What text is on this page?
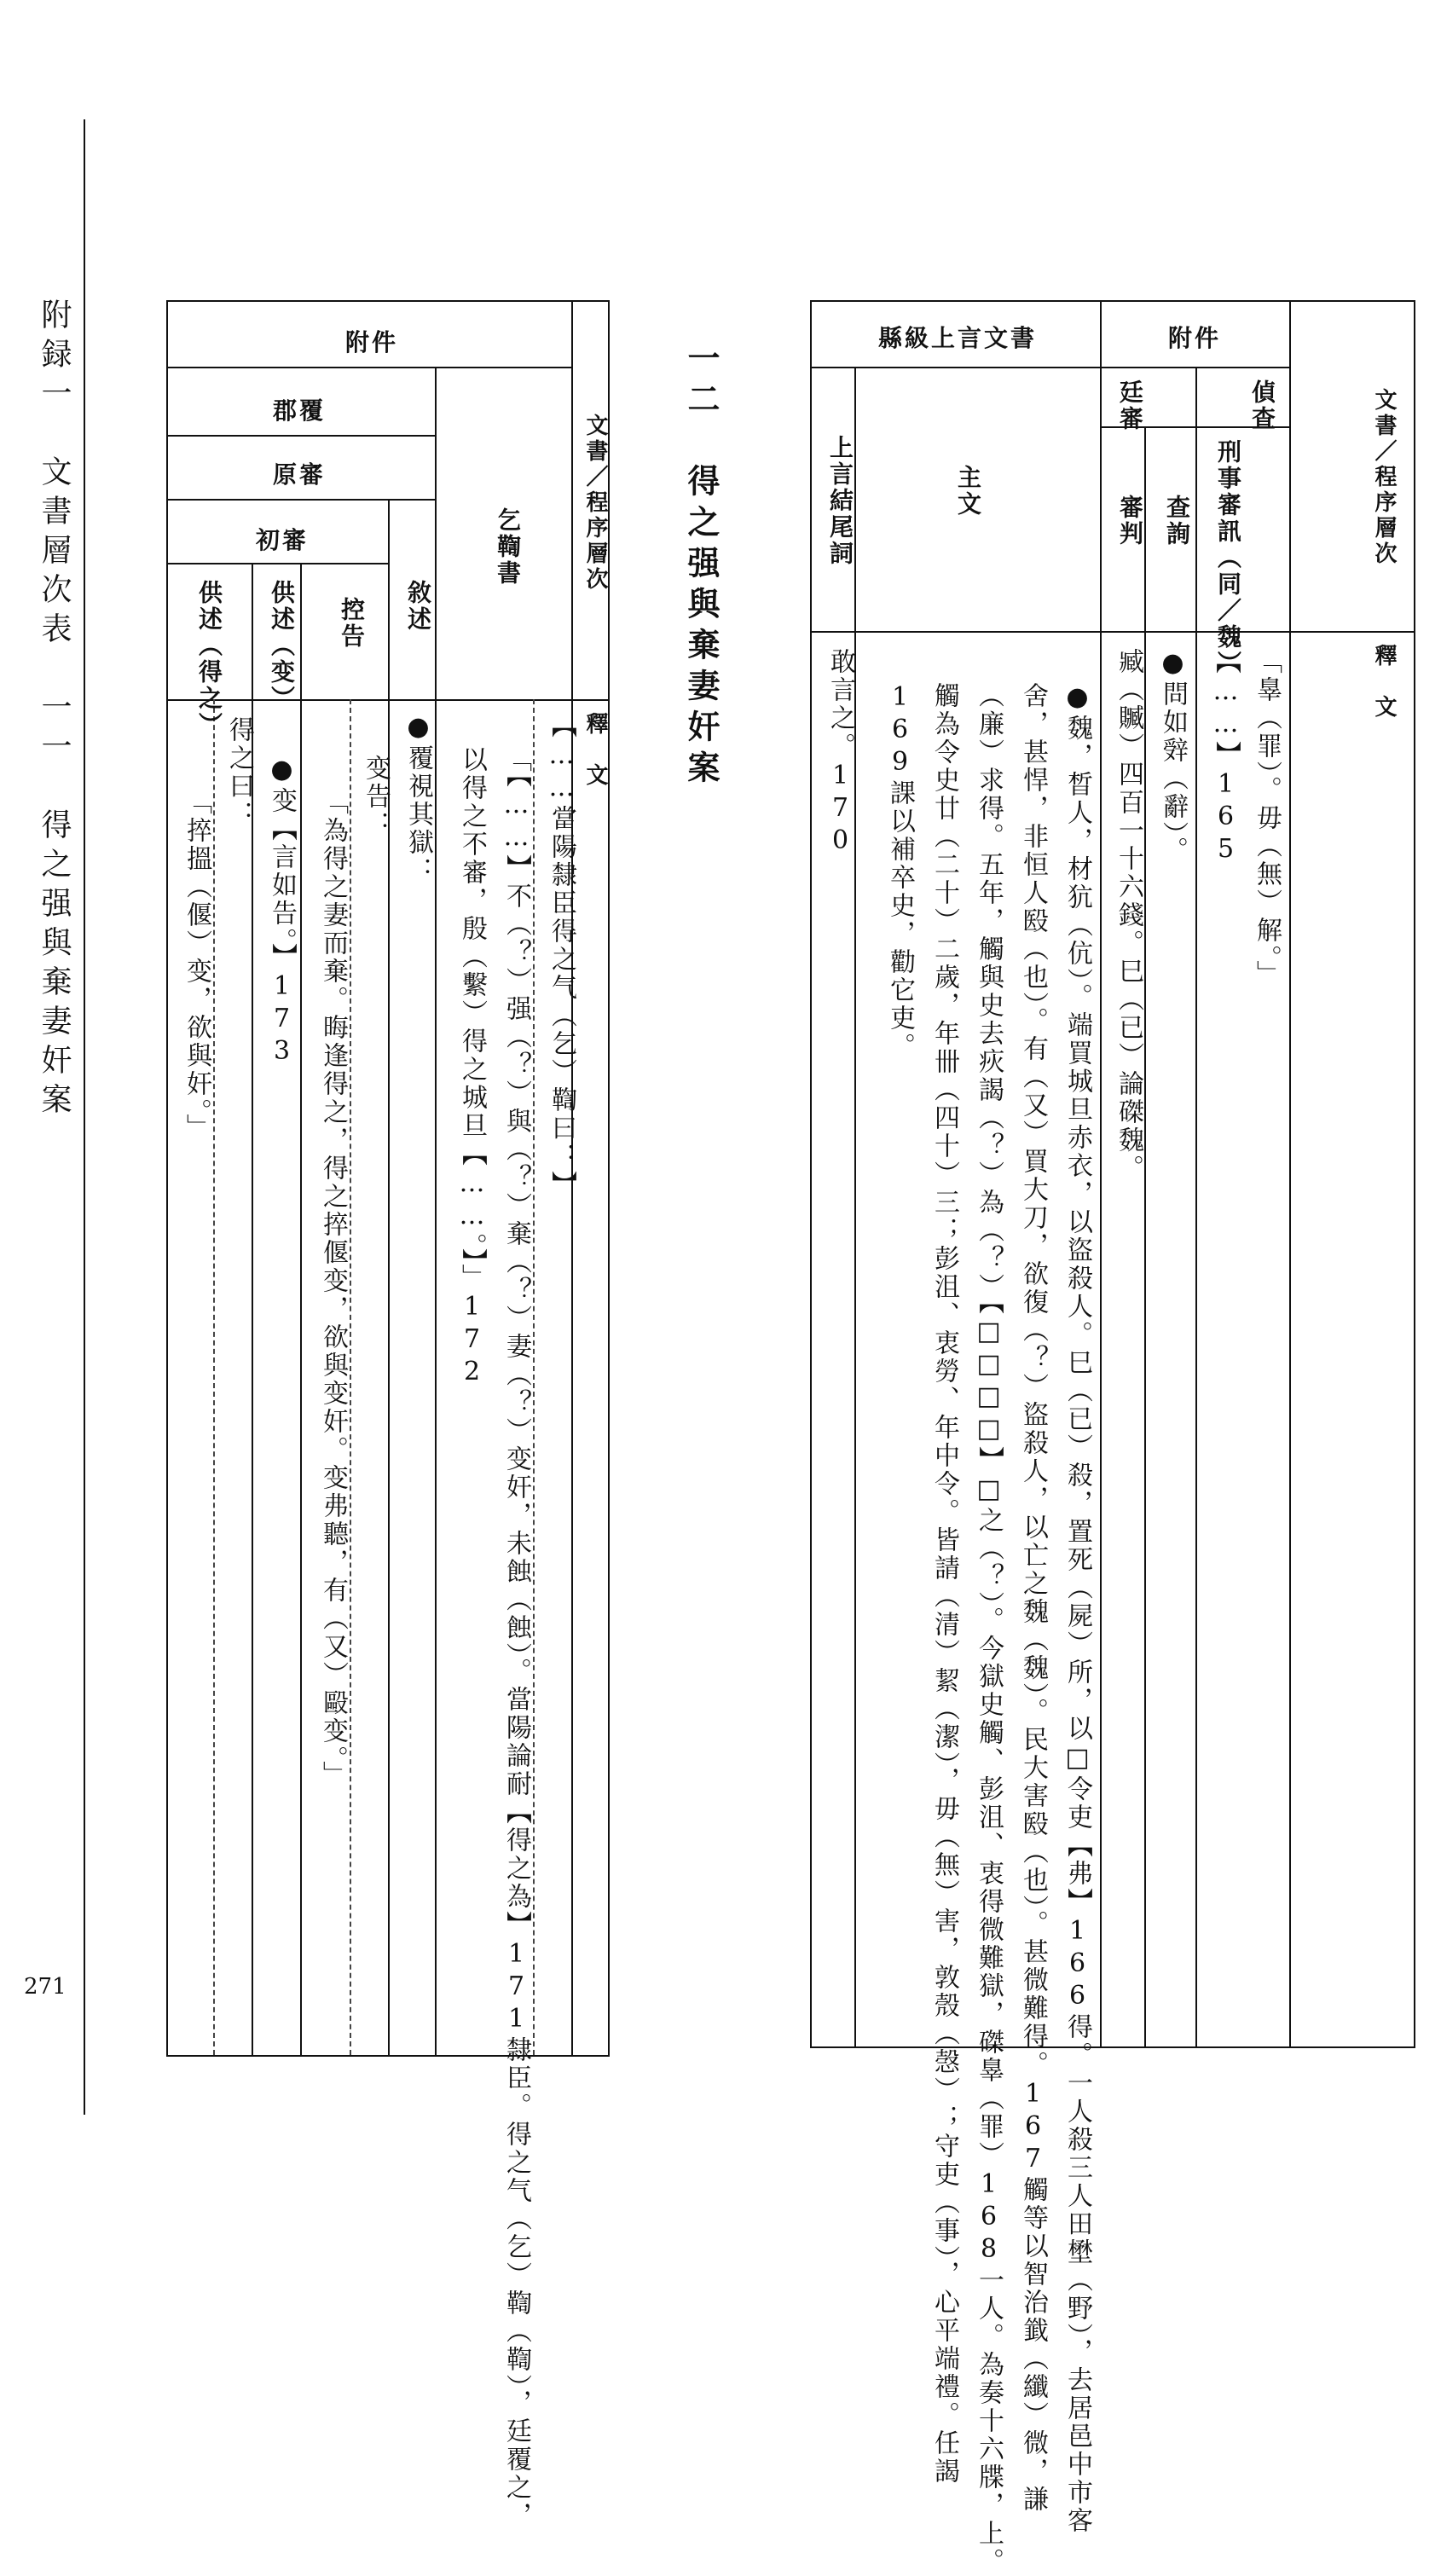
附録一　文書層次表　一一　得之强與棄妻奸案
271
一二　得之强與棄妻奸案	文書／程序層次
釋　文
附件
偵查
廷審
刑事審訊（同／魏）
查詢
審判
縣級上言文書
主文
上言結尾詞
「辠（罪）。毋（無）解。」
【……】165
●問如辤（辭）。
臧（贓）四百一十六錢。巳（已）論磔魏。
●魏，晳人，材犺（伉）。端買城旦赤衣，以盜殺人。巳（已）殺，置死（屍）所，以□令吏【弗】166得。一人殺三人田壄（野），去居邑中市客
舍，甚悍，非恒人殹（也）。有（又）買大刀，欲復（？）盜殺人，以亡之魏（魏）。民大害殹（也）。甚微難得。167觸等以智治韱（纖）微，謙
（廉）求得。五年，觸與史去疢謁（？）為（？）【□□□□】□之（？）。今獄史觸、彭沮、衷得微難獄，磔辠（罪）168一人。為奏十六牒，上。
觸為令史廿（二十）二歲，年卌（四十）三；彭沮、衷勞、年中令。皆請（清）絜（潔），毋（無）害，敦殼（愨）；守吏（事），心平端禮。任謁
169課以補卒史，勸它吏。
敢言之。170
文書／程序層次
釋　文
附件
乞鞫書
郡覆
原審
初審
敘述
控告
供述（变）
供述（得之）
【……當陽隸臣得之气（乞）鞫曰：】
「【……】不（？）强（？）與（？）棄（？）妻（？）变奸，未蝕（蝕）。當陽論耐【得之為】171隸臣。得之气（乞）鞫（鞫），廷覆之，
以得之不審，殷（繫）得之城旦【……。】」172
●覆視其獄：
变告：
「為得之妻而棄。晦逢得之，得之捽偃变，欲與变奸。变弗聽，有（又）毆变。」
●变【言如告。】173
得之曰：
「捽搵（偃）变，欲與奸。」
